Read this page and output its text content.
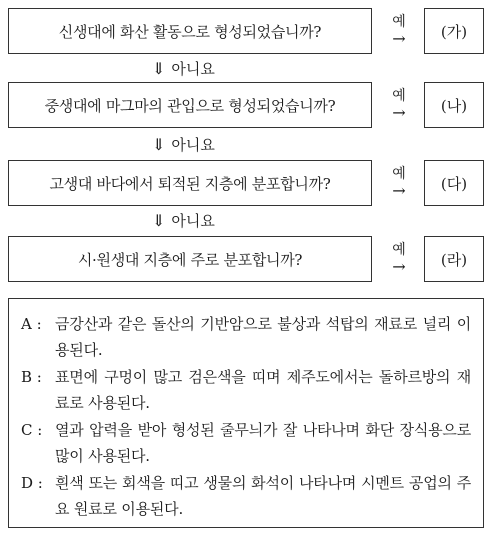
신생대에 화산 활동으로 형성되었습니까?
예
→ (가)
⇓ 아니요
중생대에 마그마의 관입으로 형성되었습니까?
예
→ (나)
⇓ 아니요
고생대 바다에서 퇴적된 지층에 분포합니까?
예
→ (다)
⇓ 아니요
시·원생대 지층에 주로 분포합니까?
예
→ (라)
A : 금강산과 같은 돌산의 기반암으로 불상과 석탑의 재료로 널리 이용된다.
B : 표면에 구멍이 많고 검은색을 띠며 제주도에서는 돌하르방의 재료로 사용된다.
C : 열과 압력을 받아 형성된 줄무늬가 잘 나타나며 화단 장식용으로 많이 사용된다.
D : 흰색 또는 회색을 띠고 생물의 화석이 나타나며 시멘트 공업의 주요 원료로 이용된다.
